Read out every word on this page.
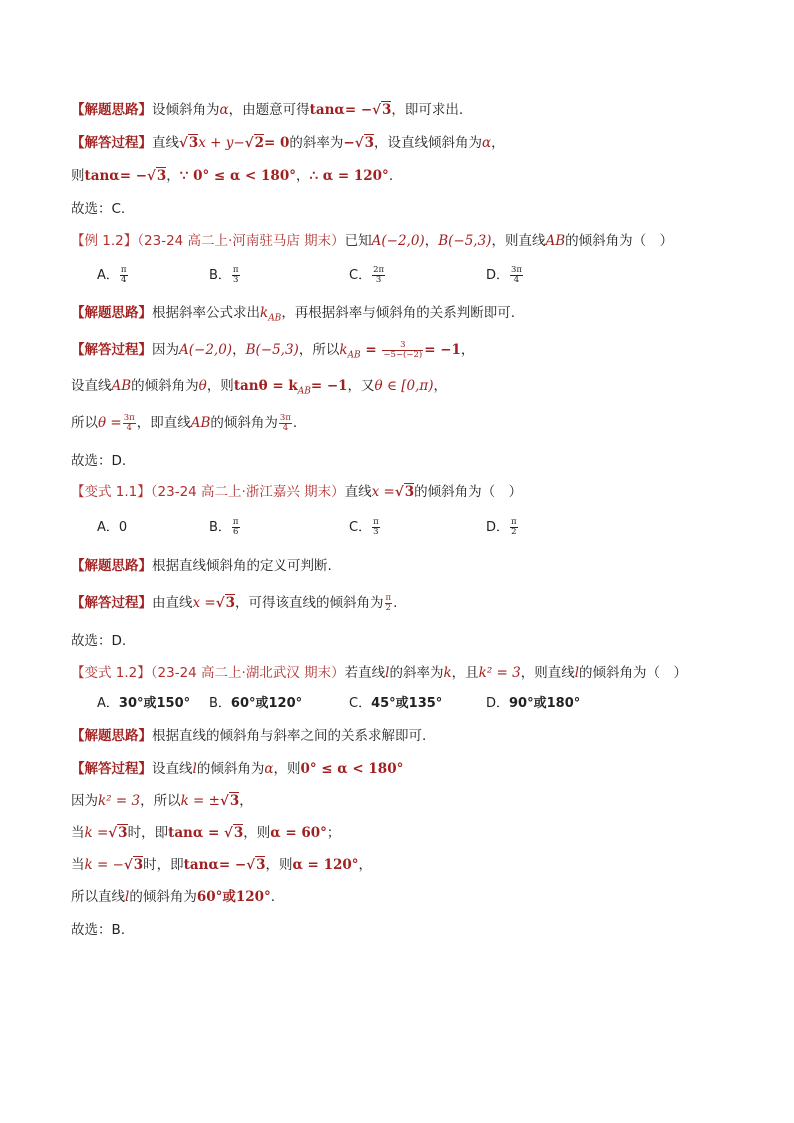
【解题思路】设倾斜角为α，由题意可得tanα= −√3，即可求出.
【解答过程】直线√3x + y−√2= 0的斜率为−√3，设直线倾斜角为α，
则tanα= −√3，∵ 0° ≤ α < 180°，∴ α = 120°.
故选：C.
【例 1.2】（23-24 高二上·河南驻马店 期末）已知A(−2,0)，B(−5,3)，则直线AB的倾斜角为（　）
A． $\frac{\pi}{4}$	B． $\frac{\pi}{3}$	C． $\frac{2\pi}{3}$	D． $\frac{3\pi}{4}$
【解题思路】根据斜率公式求出$k_{AB}$，再根据斜率与倾斜角的关系判断即可.
【解答过程】因为A(−2,0)，B(−5,3)，所以$k_{AB} = \frac{3}{-5-(-2)} = -1$，
设直线AB的倾斜角为θ，则$\tan\theta = k_{AB}= -1$，又θ ∈ [0,π)，
所以$\theta = \frac{3\pi}{4}$ ，即直线AB的倾斜角为 $\frac{3\pi}{4}$ .
故选：D.
【变式 1.1】（23-24 高二上·浙江嘉兴 期末）直线x =√3的倾斜角为（　）
A．0	B． $\frac{\pi}{6}$	C． $\frac{\pi}{3}$	D． $\frac{\pi}{2}$
【解题思路】根据直线倾斜角的定义可判断.
【解答过程】由直线x =√3，可得该直线的倾斜角为 $\frac{\pi}{2}$ .
故选：D.
【变式 1.2】（23-24 高二上·湖北武汉 期末）若直线l的斜率为k，且k² = 3，则直线l的倾斜角为（　）
A．30°或150° B．60°或120°	C．45°或135°	D．90°或180°
【解题思路】根据直线的倾斜角与斜率之间的关系求解即可.
【解答过程】设直线l的倾斜角为α，则0° ≤ α < 180°
因为k² = 3，所以k = ±√3，
当k =√3时，即tanα = √3，则α = 60°；
当k = −√3时，即tanα= −√3，则α = 120°，
所以直线l的倾斜角为60°或120°.
故选：B.
